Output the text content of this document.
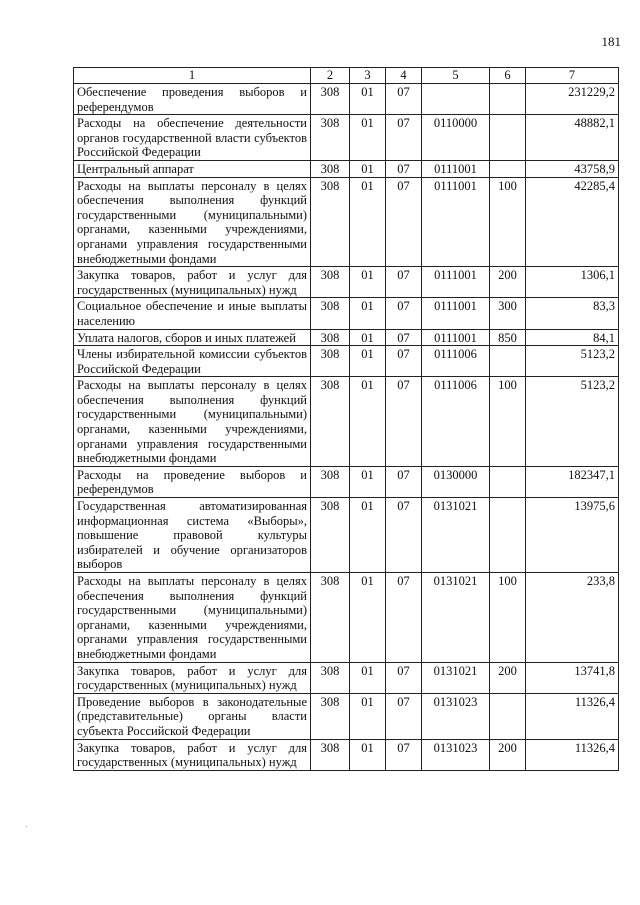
181
1	2	3	4	5	6	7
Обеспечение проведения выборов и референдумов	308	01	07			231229,2
Расходы на обеспечение деятельности органов государственной власти субъектов Российской Федерации	308	01	07	0110000		48882,1
Центральный аппарат	308	01	07	0111001		43758,9
Расходы на выплаты персоналу в целях обеспечения выполнения функций государственными (муниципальными) органами, казенными учреждениями, органами управления государственными внебюджетными фондами	308	01	07	0111001	100	42285,4
Закупка товаров, работ и услуг для государственных (муниципальных) нужд	308	01	07	0111001	200	1306,1
Социальное обеспечение и иные выплаты населению	308	01	07	0111001	300	83,3
Уплата налогов, сборов и иных платежей	308	01	07	0111001	850	84,1
Члены избирательной комиссии субъектов Российской Федерации	308	01	07	0111006		5123,2
Расходы на выплаты персоналу в целях обеспечения выполнения функций государственными (муниципальными) органами, казенными учреждениями, органами управления государственными внебюджетными фондами	308	01	07	0111006	100	5123,2
Расходы на проведение выборов и референдумов	308	01	07	0130000		182347,1
Государственная автоматизированная информационная система «Выборы», повышение правовой культуры избирателей и обучение организаторов выборов	308	01	07	0131021		13975,6
Расходы на выплаты персоналу в целях обеспечения выполнения функций государственными (муниципальными) органами, казенными учреждениями, органами управления государственными внебюджетными фондами	308	01	07	0131021	100	233,8
Закупка товаров, работ и услуг для государственных (муниципальных) нужд	308	01	07	0131021	200	13741,8
Проведение выборов в законодательные (представительные) органы власти субъекта Российской Федерации	308	01	07	0131023		11326,4
Закупка товаров, работ и услуг для государственных (муниципальных) нужд	308	01	07	0131023	200	11326,4
